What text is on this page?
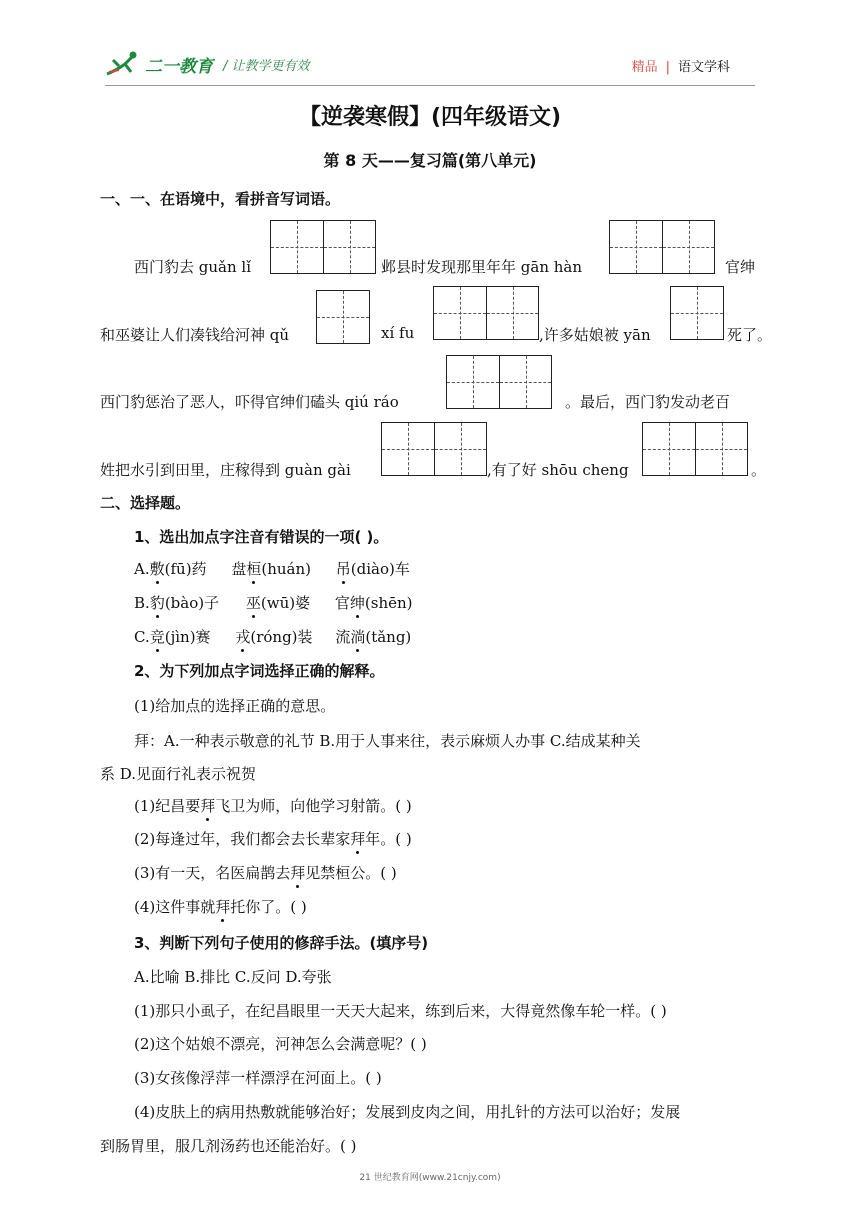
二一教育 / 让教学更有效	精品 | 语文学科
【逆袭寒假】(四年级语文)
第 8 天——复习篇(第八单元)
一、一、在语境中，看拼音写词语。
西门豹去 guǎn lǐ	邺县时发现那里年年 gān hàn	官绅
和巫婆让人们凑钱给河神 qǔ	xí fu	,许多姑娘被 yān	死了。
西门豹惩治了恶人，吓得官绅们磕头 qiú ráo	。最后，西门豹发动老百
姓把水引到田里，庄稼得到 guàn gài	,有了好 shōu cheng	。
二、选择题。
1、选出加点字注音有错误的一项( )。
A.敷(fū)药 盘桓(huán) 吊(diào)车
B.豹(bào)子 巫(wū)婆 官绅(shēn)
C.竞(jìn)赛 戎(róng)装 流淌(tǎng)
2、为下列加点字词选择正确的解释。
(1)给加点的选择正确的意思。
拜：A.一种表示敬意的礼节 B.用于人事来往，表示麻烦人办事 C.结成某种关
系 D.见面行礼表示祝贺
(1)纪昌要拜飞卫为师，向他学习射箭。( )
(2)每逢过年，我们都会去长辈家拜年。( )
(3)有一天，名医扁鹊去拜见禁桓公。( )
(4)这件事就拜托你了。( )
3、判断下列句子使用的修辞手法。(填序号)
A.比喻 B.排比 C.反问 D.夸张
(1)那只小虱子，在纪昌眼里一天天大起来，练到后来，大得竟然像车轮一样。( )
(2)这个姑娘不漂亮，河神怎么会满意呢？( )
(3)女孩像浮萍一样漂浮在河面上。( )
(4)皮肤上的病用热敷就能够治好；发展到皮肉之间，用扎针的方法可以治好；发展
到肠胃里，服几剂汤药也还能治好。( )
21 世纪教育网(www.21cnjy.com)
